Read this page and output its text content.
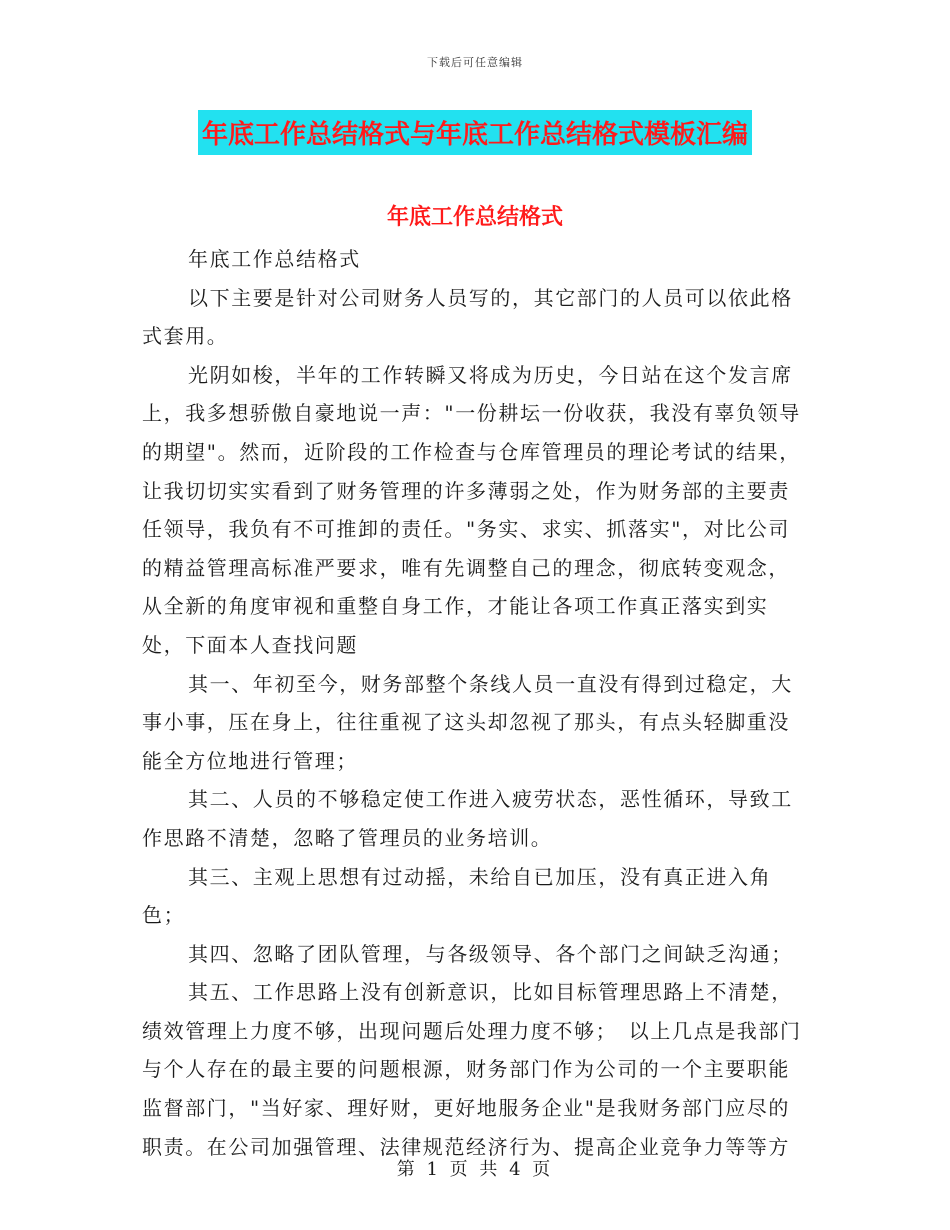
下载后可任意编辑
年底工作总结格式与年底工作总结格式模板汇编
年底工作总结格式

年底工作总结格式

以下主要是针对公司财务人员写的，其它部门的人员可以依此格式套用。

光阴如梭，半年的工作转瞬又将成为历史，今日站在这个发言席上，我多想骄傲自豪地说一声："一份耕坛一份收获，我没有辜负领导的期望"。然而，近阶段的工作检查与仓库管理员的理论考试的结果，让我切切实实看到了财务管理的许多薄弱之处，作为财务部的主要责任领导，我负有不可推卸的责任。"务实、求实、抓落实"，对比公司的精益管理高标准严要求，唯有先调整自己的理念，彻底转变观念，从全新的角度审视和重整自身工作，才能让各项工作真正落实到实处，下面本人查找问题

其一、年初至今，财务部整个条线人员一直没有得到过稳定，大事小事，压在身上，往往重视了这头却忽视了那头，有点头轻脚重没能全方位地进行管理；

其二、人员的不够稳定使工作进入疲劳状态，恶性循环，导致工作思路不清楚，忽略了管理员的业务培训。

其三、主观上思想有过动摇，未给自已加压，没有真正进入角色；

其四、忽略了团队管理，与各级领导、各个部门之间缺乏沟通；

其五、工作思路上没有创新意识，比如目标管理思路上不清楚，绩效管理上力度不够，出现问题后处理力度不够；　以上几点是我部门与个人存在的最主要的问题根源，财务部门作为公司的一个主要职能监督部门，"当好家、理好财，更好地服务企业"是我财务部门应尽的职责。在公司加强管理、法律规范经济行为、提高企业竞争力等等方

第 1 页 共 4 页
